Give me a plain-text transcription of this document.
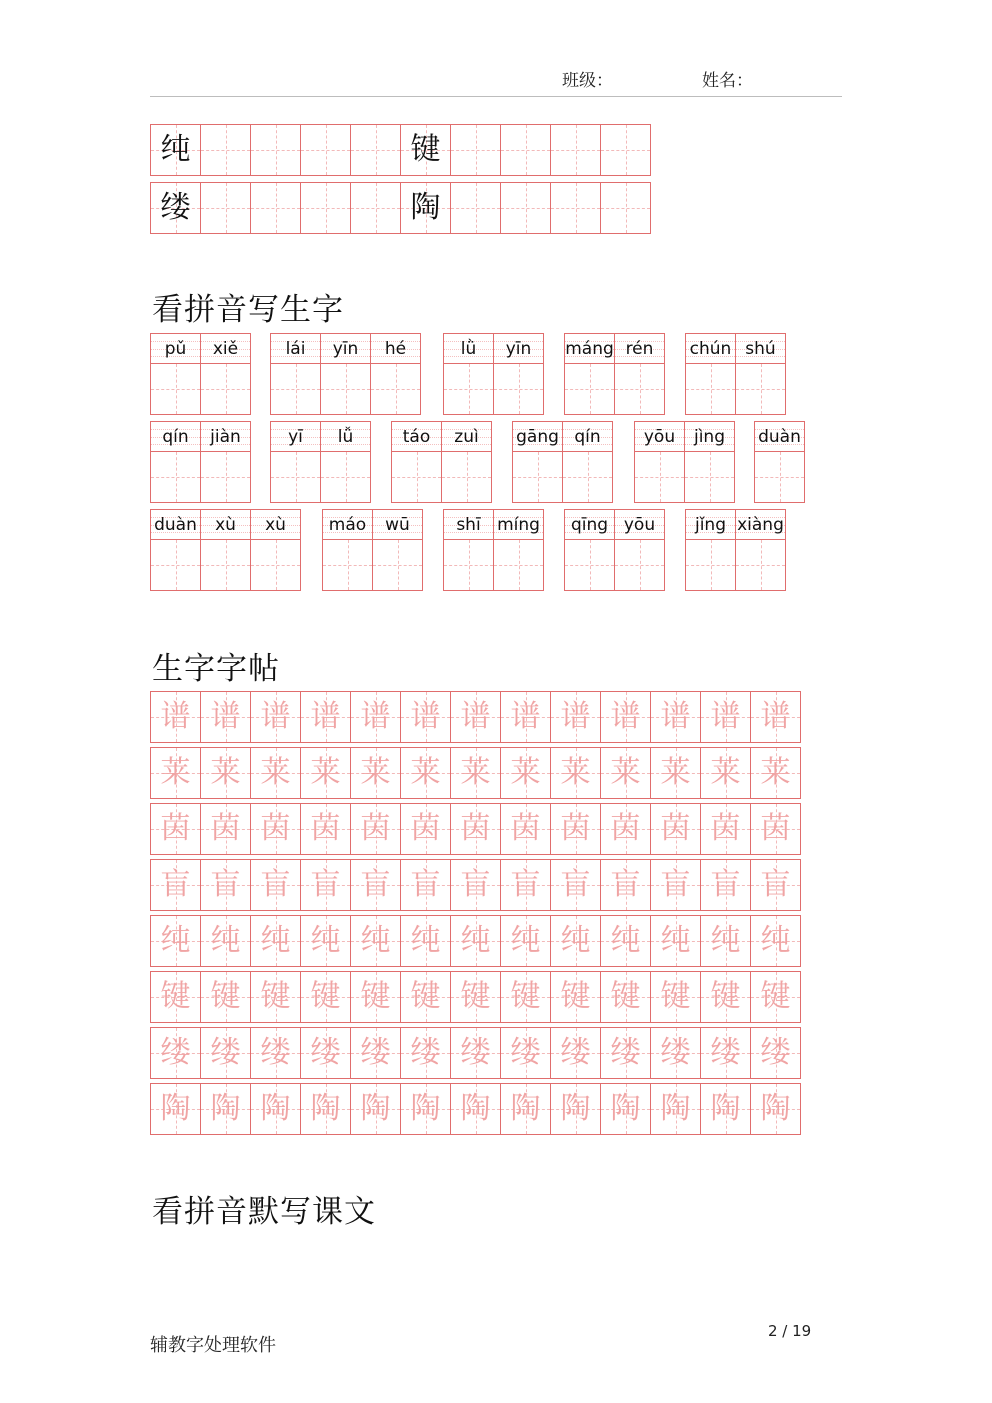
班级：	姓名：
纯	键
缕	陶
看拼音写生字
pǔ xiě	lái yīn hé	lǜ yīn máng rén chún shú
qín jiàn	yī lǚ	táo zuì gāng qín	yōu jìng duàn
duàn xù xù	máo wū	shī míng qīng yōu jǐng xiàng
生字字帖
谱 谱 谱 谱 谱 谱 谱 谱 谱 谱 谱 谱 谱
莱 莱 莱 莱 莱 莱 莱 莱 莱 莱 莱 莱 莱
茵 茵 茵 茵 茵 茵 茵 茵 茵 茵 茵 茵 茵
盲 盲 盲 盲 盲 盲 盲 盲 盲 盲 盲 盲 盲
纯 纯 纯 纯 纯 纯 纯 纯 纯 纯 纯 纯 纯
键 键 键 键 键 键 键 键 键 键 键 键 键
缕 缕 缕 缕 缕 缕 缕 缕 缕 缕 缕 缕 缕
陶 陶 陶 陶 陶 陶 陶 陶 陶 陶 陶 陶 陶
看拼音默写课文
辅教字处理软件
2 / 19
